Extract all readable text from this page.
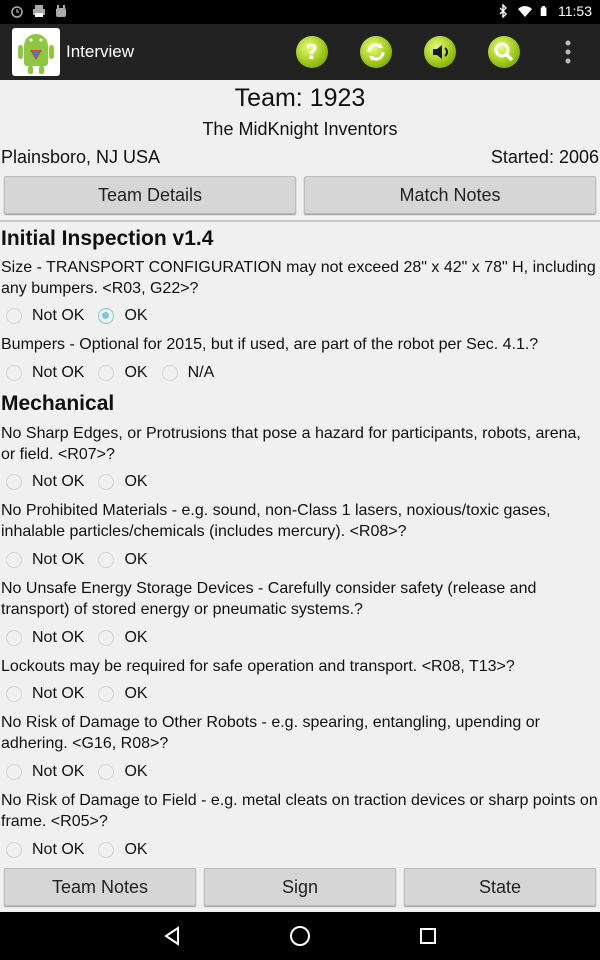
11:53
Interview	?
Team: 1923
The MidKnight Inventors
Plainsboro, NJ USA	Started: 2006
Team Details	Match Notes
Initial Inspection v1.4
Size - TRANSPORT CONFIGURATION may not exceed 28" x 42" x 78" H, including any bumpers. <R03, G22>?
Not OK	OK
Bumpers - Optional for 2015, but if used, are part of the robot per Sec. 4.1.?
Not OK	OK	N/A
Mechanical
No Sharp Edges, or Protrusions that pose a hazard for participants, robots, arena, or field. <R07>?
Not OK	OK
No Prohibited Materials - e.g. sound, non-Class 1 lasers, noxious/toxic gases, inhalable particles/chemicals (includes mercury). <R08>?
Not OK	OK
No Unsafe Energy Storage Devices - Carefully consider safety (release and transport) of stored energy or pneumatic systems.?
Not OK	OK
Lockouts may be required for safe operation and transport. <R08, T13>?
Not OK	OK
No Risk of Damage to Other Robots - e.g. spearing, entangling, upending or adhering. <G16, R08>?
Not OK	OK
No Risk of Damage to Field - e.g. metal cleats on traction devices or sharp points on frame. <R05>?
Not OK	OK
Team Notes	Sign	State
